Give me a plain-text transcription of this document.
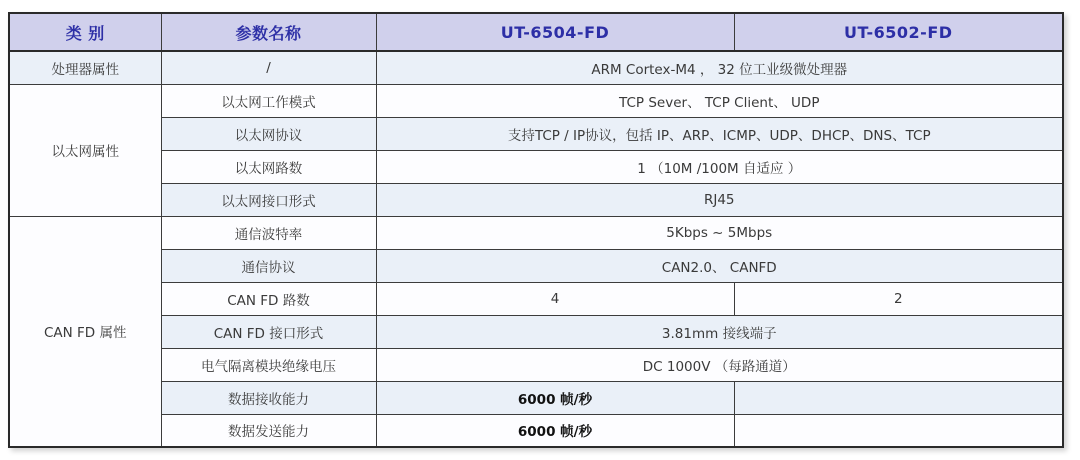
类 别	参数名称	UT-6504-FD	UT-6502-FD
处理器属性	/	ARM Cortex-M4 ， 32 位工业级微处理器	
以太网属性	以太网工作模式	TCP Sever、 TCP Client、 UDP	
	以太网协议	支持TCP / IP协议，包括 IP、ARP、ICMP、UDP、DHCP、DNS、TCP	
	以太网路数	1 （10M /100M 自适应 ）	
	以太网接口形式	RJ45	
CAN FD 属性	通信波特率	5Kbps ~ 5Mbps	
	通信协议	CAN2.0、 CANFD	
	CAN FD 路数	4	2
	CAN FD 接口形式	3.81mm 接线端子	
	电气隔离模块绝缘电压	DC 1000V （每路通道）	
	数据接收能力	6000 帧/秒	
	数据发送能力	6000 帧/秒	
